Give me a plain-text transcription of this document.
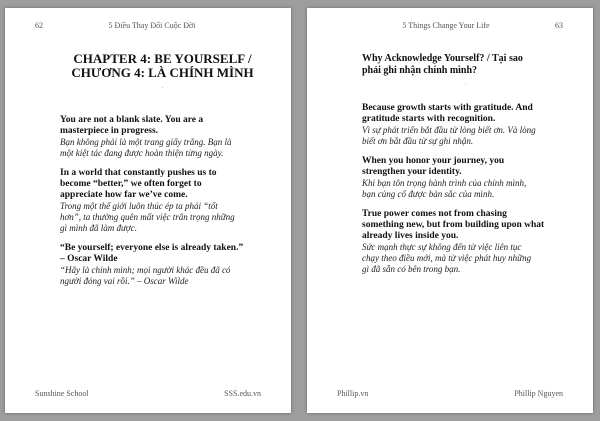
62	5 Điều Thay Đổi Cuộc Đời
CHAPTER 4: BE YOURSELF /
CHƯƠNG 4: LÀ CHÍNH MÌNH
.
You are not a blank slate. You are a
masterpiece in progress.
Bạn không phải là một trang giấy trắng. Bạn là
một kiệt tác đang được hoàn thiện từng ngày.
In a world that constantly pushes us to
become “better,” we often forget to
appreciate how far we’ve come.
Trong một thế giới luôn thúc ép ta phải “tốt
hơn”, ta thường quên mất việc trân trọng những
gì mình đã làm được.
“Be yourself; everyone else is already taken.”
– Oscar Wilde
“Hãy là chính mình; mọi người khác đều đã có
người đóng vai rồi.” – Oscar Wilde
Sunshine School	SSS.edu.vn
5 Things Change Your Life	63
Why Acknowledge Yourself? / Tại sao
phải ghi nhận chính mình?
.
Because growth starts with gratitude. And
gratitude starts with recognition.
Vì sự phát triển bắt đầu từ lòng biết ơn. Và lòng
biết ơn bắt đầu từ sự ghi nhận.
When you honor your journey, you
strengthen your identity.
Khi bạn tôn trọng hành trình của chính mình,
bạn củng cố được bản sắc của mình.
True power comes not from chasing
something new, but from building upon what
already lives inside you.
Sức mạnh thực sự không đến từ việc liên tục
chạy theo điều mới, mà từ việc phát huy những
gì đã sẵn có bên trong bạn.
Phillip.vn	Phillip Nguyen
